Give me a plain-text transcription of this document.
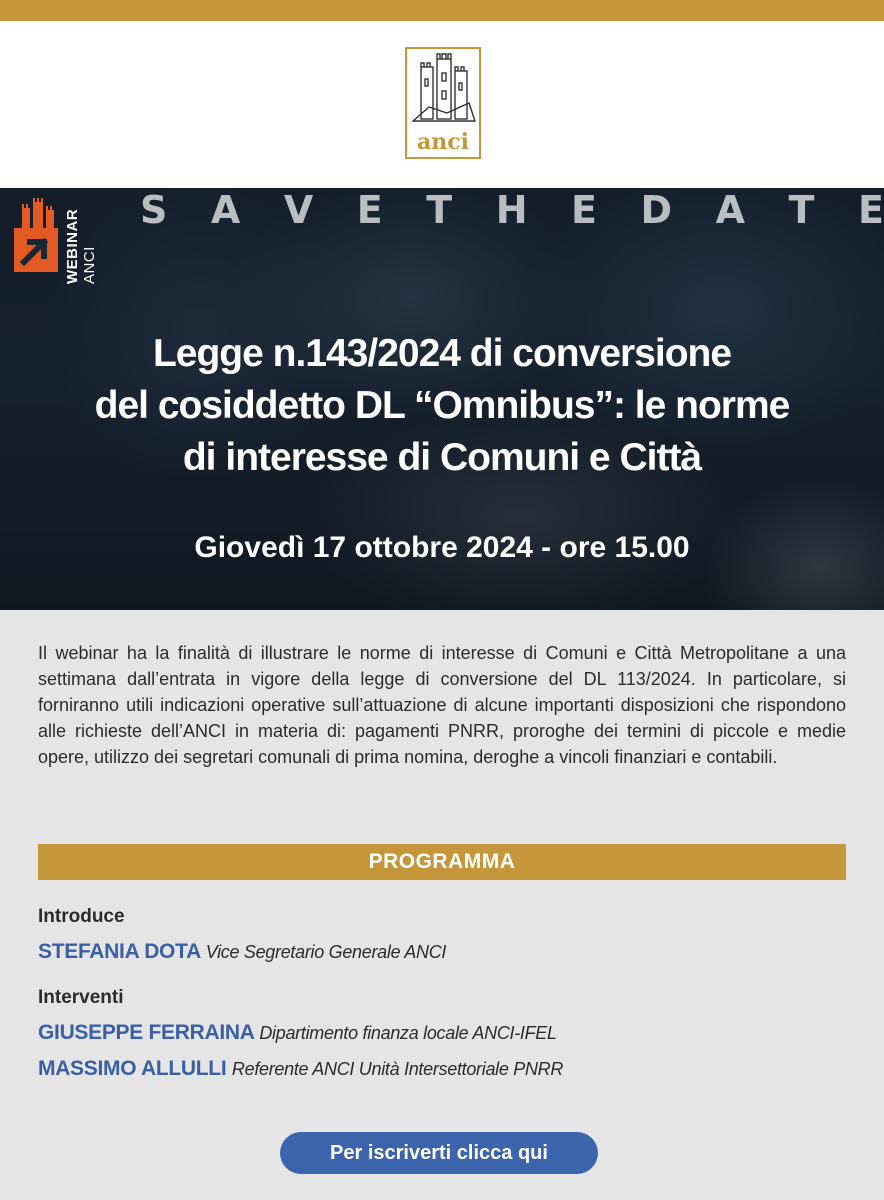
anci
S A V E T H E D A T E
WEBINAR ANCI
Legge n.143/2024 di conversione
del cosiddetto DL “Omnibus”: le norme
di interesse di Comuni e Città
Giovedì 17 ottobre 2024 - ore 15.00
Il webinar ha la finalità di illustrare le norme di interesse di Comuni e Città Metropolitane a una settimana dall’entrata in vigore della legge di conversione del DL 113/2024. In particolare, si forniranno utili indicazioni operative sull’attuazione di alcune importanti disposizioni che rispondono alle richieste dell’ANCI in materia di: pagamenti PNRR, proroghe dei termini di piccole e medie opere, utilizzo dei segretari comunali di prima nomina, deroghe a vincoli finanziari e contabili.
PROGRAMMA
Introduce
STEFANIA DOTA Vice Segretario Generale ANCI
Interventi
GIUSEPPE FERRAINA Dipartimento finanza locale ANCI-IFEL
MASSIMO ALLULLI Referente ANCI Unità Intersettoriale PNRR
Per iscriverti clicca qui
